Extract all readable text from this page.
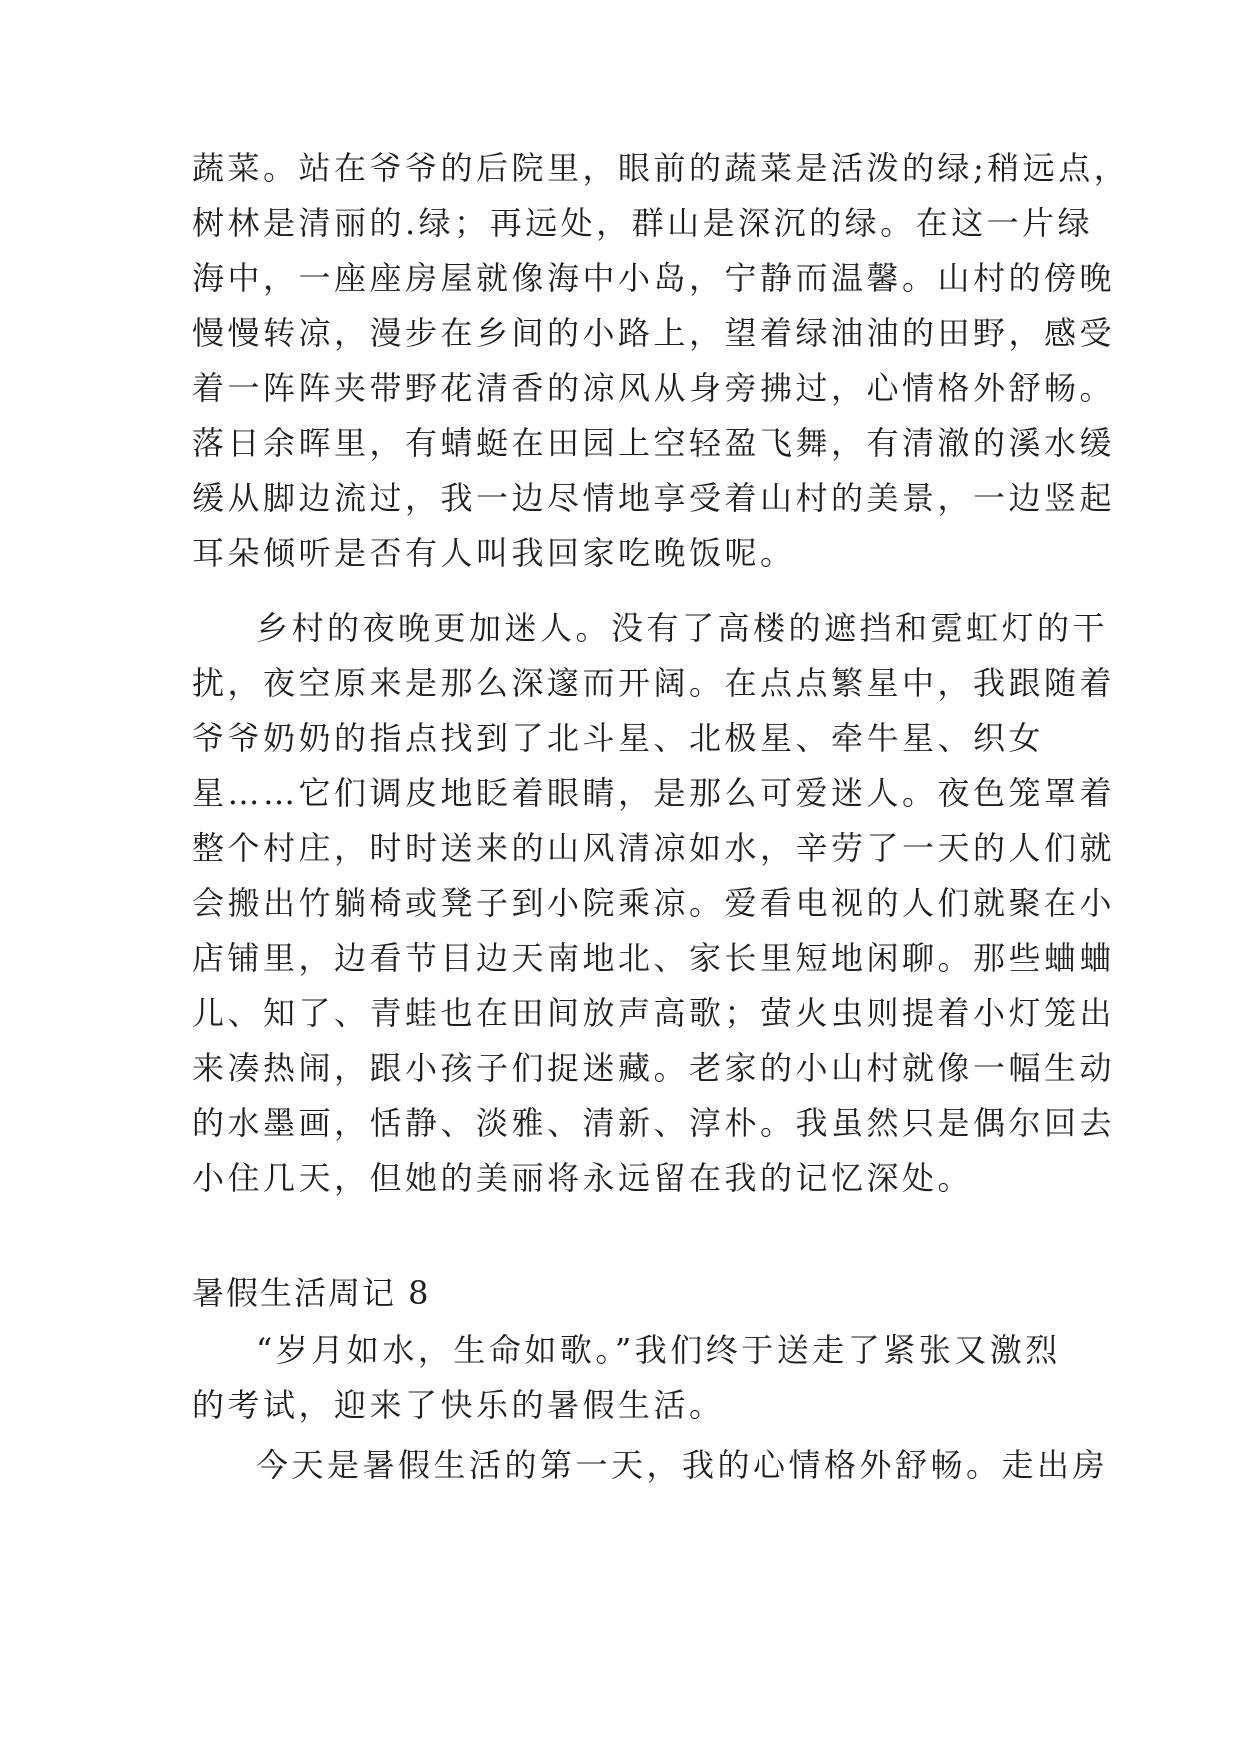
蔬菜。站在爷爷的后院里，眼前的蔬菜是活泼的绿;稍远点，
树林是清丽的.绿；再远处，群山是深沉的绿。在这一片绿
海中，一座座房屋就像海中小岛，宁静而温馨。山村的傍晚
慢慢转凉，漫步在乡间的小路上，望着绿油油的田野，感受
着一阵阵夹带野花清香的凉风从身旁拂过，心情格外舒畅。
落日余晖里，有蜻蜓在田园上空轻盈飞舞，有清澈的溪水缓
缓从脚边流过，我一边尽情地享受着山村的美景，一边竖起
耳朵倾听是否有人叫我回家吃晚饭呢。
乡村的夜晚更加迷人。没有了高楼的遮挡和霓虹灯的干
扰，夜空原来是那么深邃而开阔。在点点繁星中，我跟随着
爷爷奶奶的指点找到了北斗星、北极星、牵牛星、织女
星……它们调皮地眨着眼睛，是那么可爱迷人。夜色笼罩着
整个村庄，时时送来的山风清凉如水，辛劳了一天的人们就
会搬出竹躺椅或凳子到小院乘凉。爱看电视的人们就聚在小
店铺里，边看节目边天南地北、家长里短地闲聊。那些蛐蛐
儿、知了、青蛙也在田间放声高歌；萤火虫则提着小灯笼出
来凑热闹，跟小孩子们捉迷藏。老家的小山村就像一幅生动
的水墨画，恬静、淡雅、清新、淳朴。我虽然只是偶尔回去
小住几天，但她的美丽将永远留在我的记忆深处。
暑假生活周记 8
“岁月如水，生命如歌。”我们终于送走了紧张又激烈
的考试，迎来了快乐的暑假生活。
今天是暑假生活的第一天，我的心情格外舒畅。走出房
